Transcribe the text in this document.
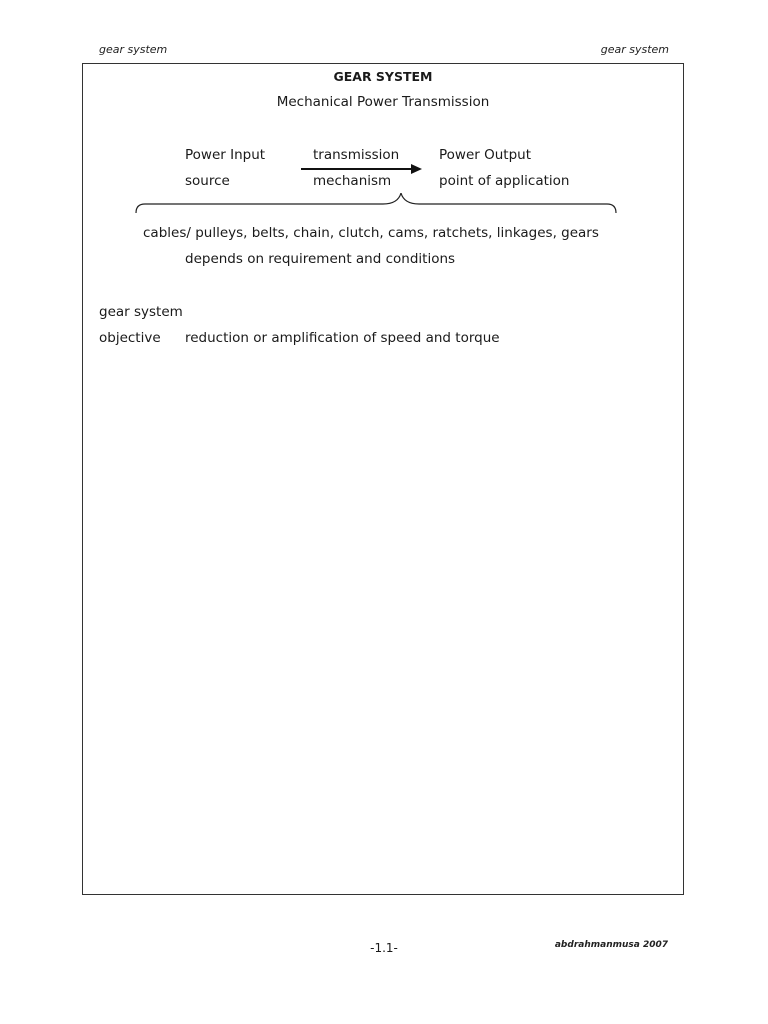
gear system	gear system
GEAR SYSTEM
Mechanical Power Transmission
Power Input
source
transmission
mechanism
Power Output
point of application
cables/ pulleys, belts, chain, clutch, cams, ratchets, linkages, gears
depends on requirement and conditions
gear system
objective reduction or amplification of speed and torque
-1.1-	abdrahmanmusa 2007
